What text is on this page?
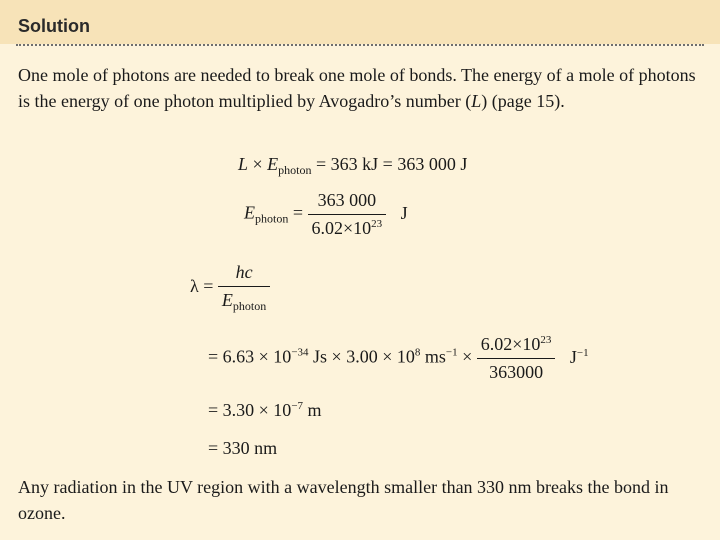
Solution

One mole of photons are needed to break one mole of bonds. The energy of a mole of photons is the energy of one photon multiplied by Avogadro’s number (L) (page 15).

$L \times E_{photon} = 363$ kJ = 363 000 J
$E_{photon} = \frac{363 000}{6.02\times 10^{23}}$ J
$\lambda = \frac{hc}{E_{photon}}$
= $6.63 \times 10^{-34}$ $Js \times 3.00 \times 10^8$ $ms^{-1} \times \frac{6.02\times 10^{23}}{363000} J^{-1}$
= $3.30 \times 10^{-7}$ m
= 330 nm

Any radiation in the UV region with a wavelength smaller than 330 nm breaks the bond in ozone.
